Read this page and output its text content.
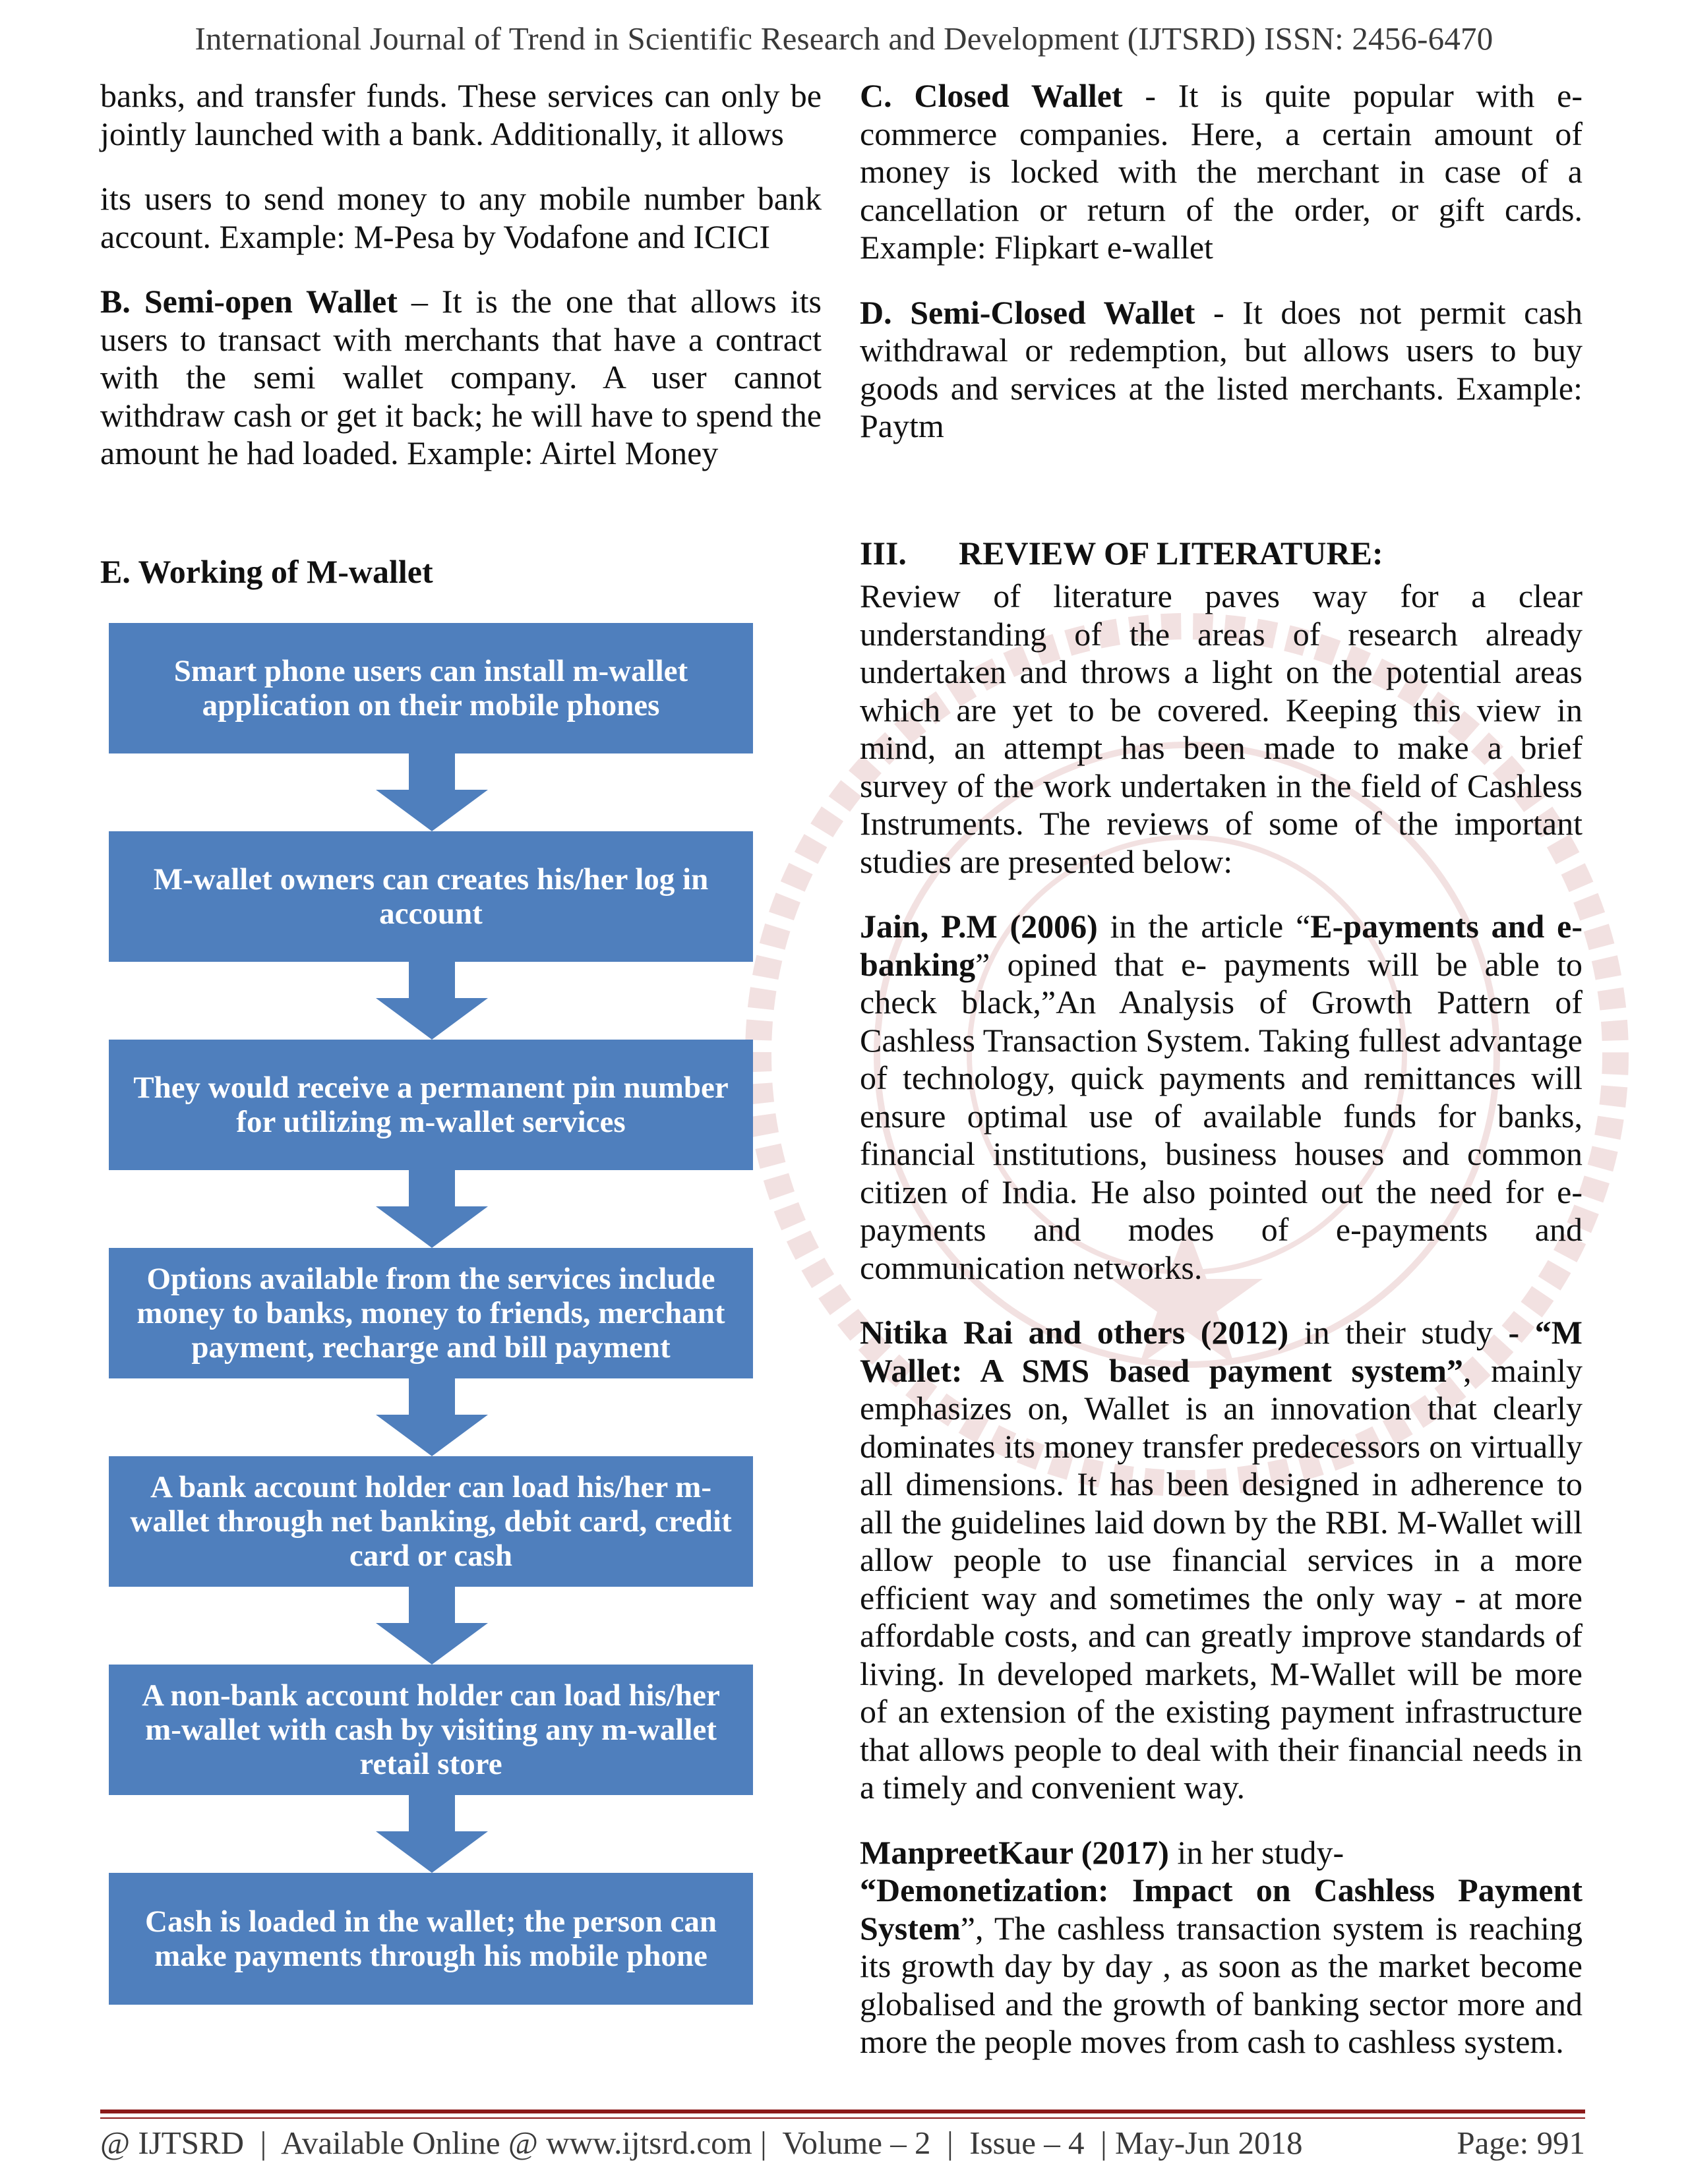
International Journal of Trend in Scientific Research and Development (IJTSRD) ISSN: 2456-6470

banks, and transfer funds. These services can only be jointly launched with a bank. Additionally, it allows

its users to send money to any mobile number bank account. Example: M-Pesa by Vodafone and ICICI

B. Semi-open Wallet – It is the one that allows its users to transact with merchants that have a contract with the semi wallet company. A user cannot withdraw cash or get it back; he will have to spend the amount he had loaded. Example: Airtel Money

E. Working of M-wallet
Smart phone users can install m-wallet application on their mobile phones
M-wallet owners can creates his/her log in account
They would receive a permanent pin number for utilizing m-wallet services
Options available from the services include money to banks, money to friends, merchant payment, recharge and bill payment
A bank account holder can load his/her m-wallet through net banking, debit card, credit card or cash
A non-bank account holder can load his/her m-wallet with cash by visiting any m-wallet retail store
Cash is loaded in the wallet; the person can make payments through his mobile phone

C. Closed Wallet - It is quite popular with e-commerce companies. Here, a certain amount of money is locked with the merchant in case of a cancellation or return of the order, or gift cards. Example: Flipkart e-wallet

D. Semi-Closed Wallet - It does not permit cash withdrawal or redemption, but allows users to buy goods and services at the listed merchants. Example: Paytm

III. REVIEW OF LITERATURE:

Review of literature paves way for a clear understanding of the areas of research already undertaken and throws a light on the potential areas which are yet to be covered. Keeping this view in mind, an attempt has been made to make a brief survey of the work undertaken in the field of Cashless Instruments. The reviews of some of the important studies are presented below:

Jain, P.M (2006) in the article “E-payments and e-banking” opined that e- payments will be able to check black,”An Analysis of Growth Pattern of Cashless Transaction System. Taking fullest advantage of technology, quick payments and remittances will ensure optimal use of available funds for banks, financial institutions, business houses and common citizen of India. He also pointed out the need for e-payments and modes of e-payments and communication networks.

Nitika Rai and others (2012) in their study - “M Wallet: A SMS based payment system”, mainly emphasizes on, Wallet is an innovation that clearly dominates its money transfer predecessors on virtually all dimensions. It has been designed in adherence to all the guidelines laid down by the RBI. M-Wallet will allow people to use financial services in a more efficient way and sometimes the only way - at more affordable costs, and can greatly improve standards of living. In developed markets, M-Wallet will be more of an extension of the existing payment infrastructure that allows people to deal with their financial needs in a timely and convenient way.

ManpreetKaur (2017) in her study-
“Demonetization: Impact on Cashless Payment System”, The cashless transaction system is reaching its growth day by day , as soon as the market become globalised and the growth of banking sector more and more the people moves from cash to cashless system.

@ IJTSRD  |  Available Online @ www.ijtsrd.com |  Volume – 2  |  Issue – 4  | May-Jun 2018	Page: 991
